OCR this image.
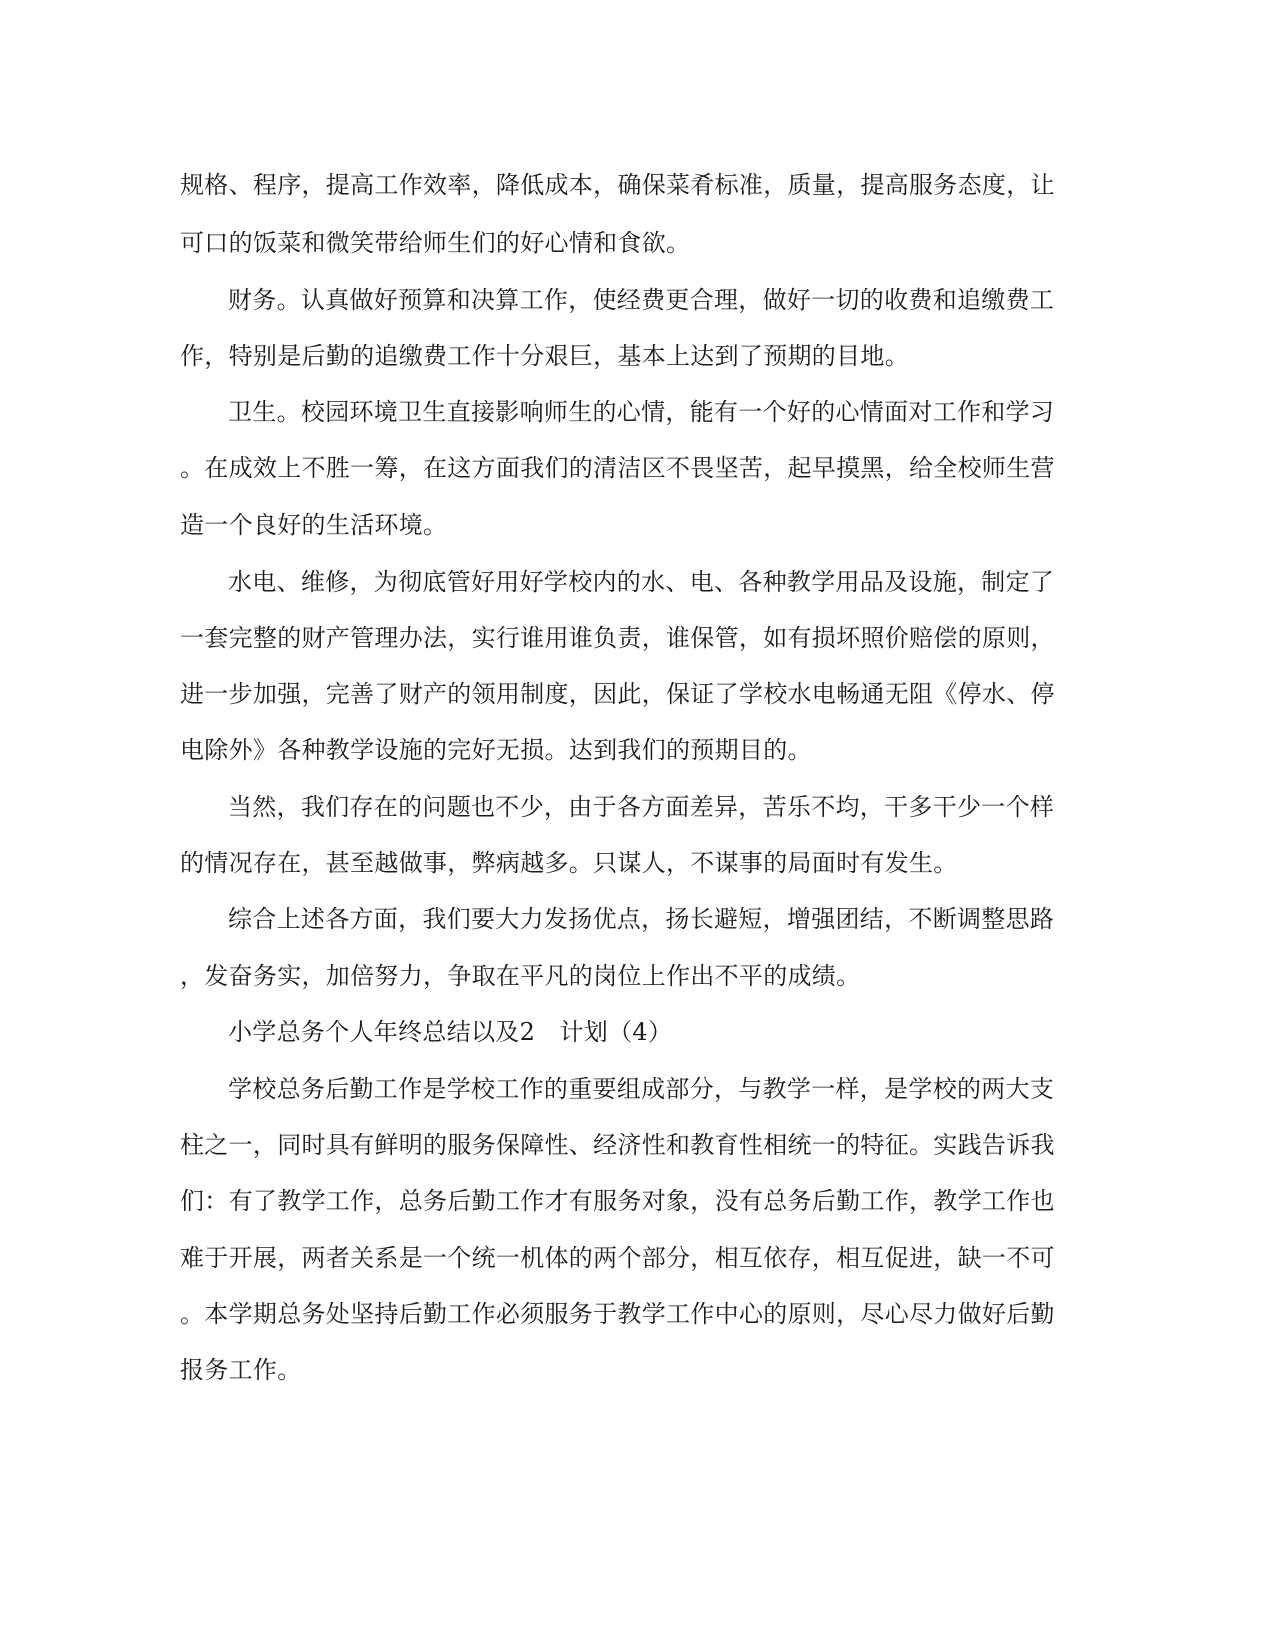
规格、程序，提高工作效率，降低成本，确保菜肴标准，质量，提高服务态度，让
可口的饭菜和微笑带给师生们的好心情和食欲。
财务。认真做好预算和决算工作，使经费更合理，做好一切的收费和追缴费工
作，特别是后勤的追缴费工作十分艰巨，基本上达到了预期的目地。
卫生。校园环境卫生直接影响师生的心情，能有一个好的心情面对工作和学习
。在成效上不胜一筹，在这方面我们的清洁区不畏坚苦，起早摸黑，给全校师生营
造一个良好的生活环境。
水电、维修，为彻底管好用好学校内的水、电、各种教学用品及设施，制定了
一套完整的财产管理办法，实行谁用谁负责，谁保管，如有损坏照价赔偿的原则，
进一步加强，完善了财产的领用制度，因此，保证了学校水电畅通无阻《停水、停
电除外》各种教学设施的完好无损。达到我们的预期目的。
当然，我们存在的问题也不少，由于各方面差异，苦乐不均，干多干少一个样
的情况存在，甚至越做事，弊病越多。只谋人，不谋事的局面时有发生。
综合上述各方面，我们要大力发扬优点，扬长避短，增强团结，不断调整思路
，发奋务实，加倍努力，争取在平凡的岗位上作出不平的成绩。
小学总务个人年终总结以及2　计划（4）
学校总务后勤工作是学校工作的重要组成部分，与教学一样，是学校的两大支
柱之一，同时具有鲜明的服务保障性、经济性和教育性相统一的特征。实践告诉我
们：有了教学工作，总务后勤工作才有服务对象，没有总务后勤工作，教学工作也
难于开展，两者关系是一个统一机体的两个部分，相互依存，相互促进，缺一不可
。本学期总务处坚持后勤工作必须服务于教学工作中心的原则，尽心尽力做好后勤
报务工作。
